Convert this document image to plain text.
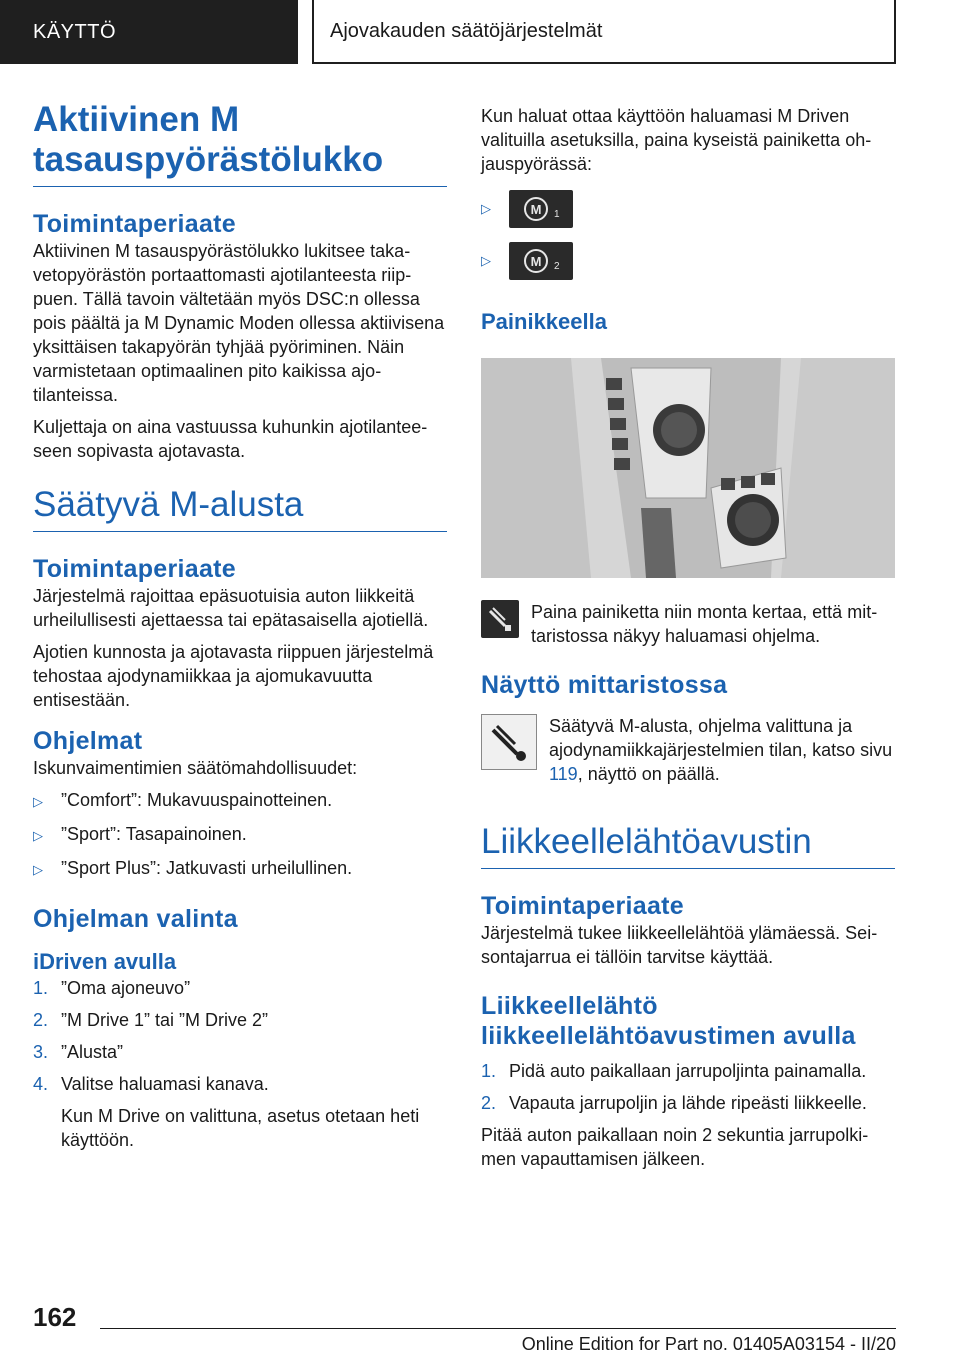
KÄYTTÖ	Ajovakauden säätöjärjestelmät
Aktiivinen M tasauspyörästölukko
Toimintaperiaate

Aktiivinen M tasauspyörästölukko lukitsee takavetopyörästön portaattomasti ajotilanteesta riippuen. Tällä tavoin vältetään myös DSC:n ollessa pois päältä ja M Dynamic Moden ollessa aktiivisena yksittäisen takapyörän tyhjää pyöriminen. Näin varmistetaan optimaalinen pito kaikissa ajotilanteissa.

Kuljettaja on aina vastuussa kuhunkin ajotilanteeseen sopivasta ajotavasta.

Säätyvä M-alusta
Toimintaperiaate

Järjestelmä rajoittaa epäsuotuisia auton liikkeitä urheilullisesti ajettaessa tai epätasaisella ajotiellä.

Ajotien kunnosta ja ajotavasta riippuen järjestelmä tehostaa ajodynamiikkaa ja ajomukavuutta entisestään.

Ohjelmat

Iskunvaimentimien säätömahdollisuudet:

▷	”Comfort”: Mukavuuspainotteinen.
▷	”Sport”: Tasapainoinen.
▷	”Sport Plus”: Jatkuvasti urheilullinen.
Ohjelman valinta
iDriven avulla
1. ”Oma ajoneuvo”
2. ”M Drive 1” tai ”M Drive 2”
3. ”Alusta”
4. Valitse haluamasi kanava.

Kun M Drive on valittuna, asetus otetaan heti käyttöön.

Kun haluat ottaa käyttöön haluamasi M Driven valituilla asetuksilla, paina kyseistä painiketta ohjauspyörässä:

▷	M 1
▷	M 2
Painikkeella

Paina painiketta niin monta kertaa, että mittaristossa näkyy haluamasi ohjelma.

Näyttö mittaristossa

Säätyvä M-alusta, ohjelma valittuna ja ajodynamiikkajärjestelmien tilan, katso sivu 119, näyttö on päällä.

Liikkeellelähtöavustin
Toimintaperiaate

Järjestelmä tukee liikkeellelähtöä ylämäessä. Seisontajarrua ei tällöin tarvitse käyttää.

Liikkeellelähtö liikkeellelähtöavustimen avulla
1. Pidä auto paikallaan jarrupoljinta painamalla.
2. Vapauta jarrupoljin ja lähde ripeästi liikkeelle.

Pitää auton paikallaan noin 2 sekuntia jarrupolkimen vapauttamisen jälkeen.

162
Online Edition for Part no. 01405A03154 - II/20
